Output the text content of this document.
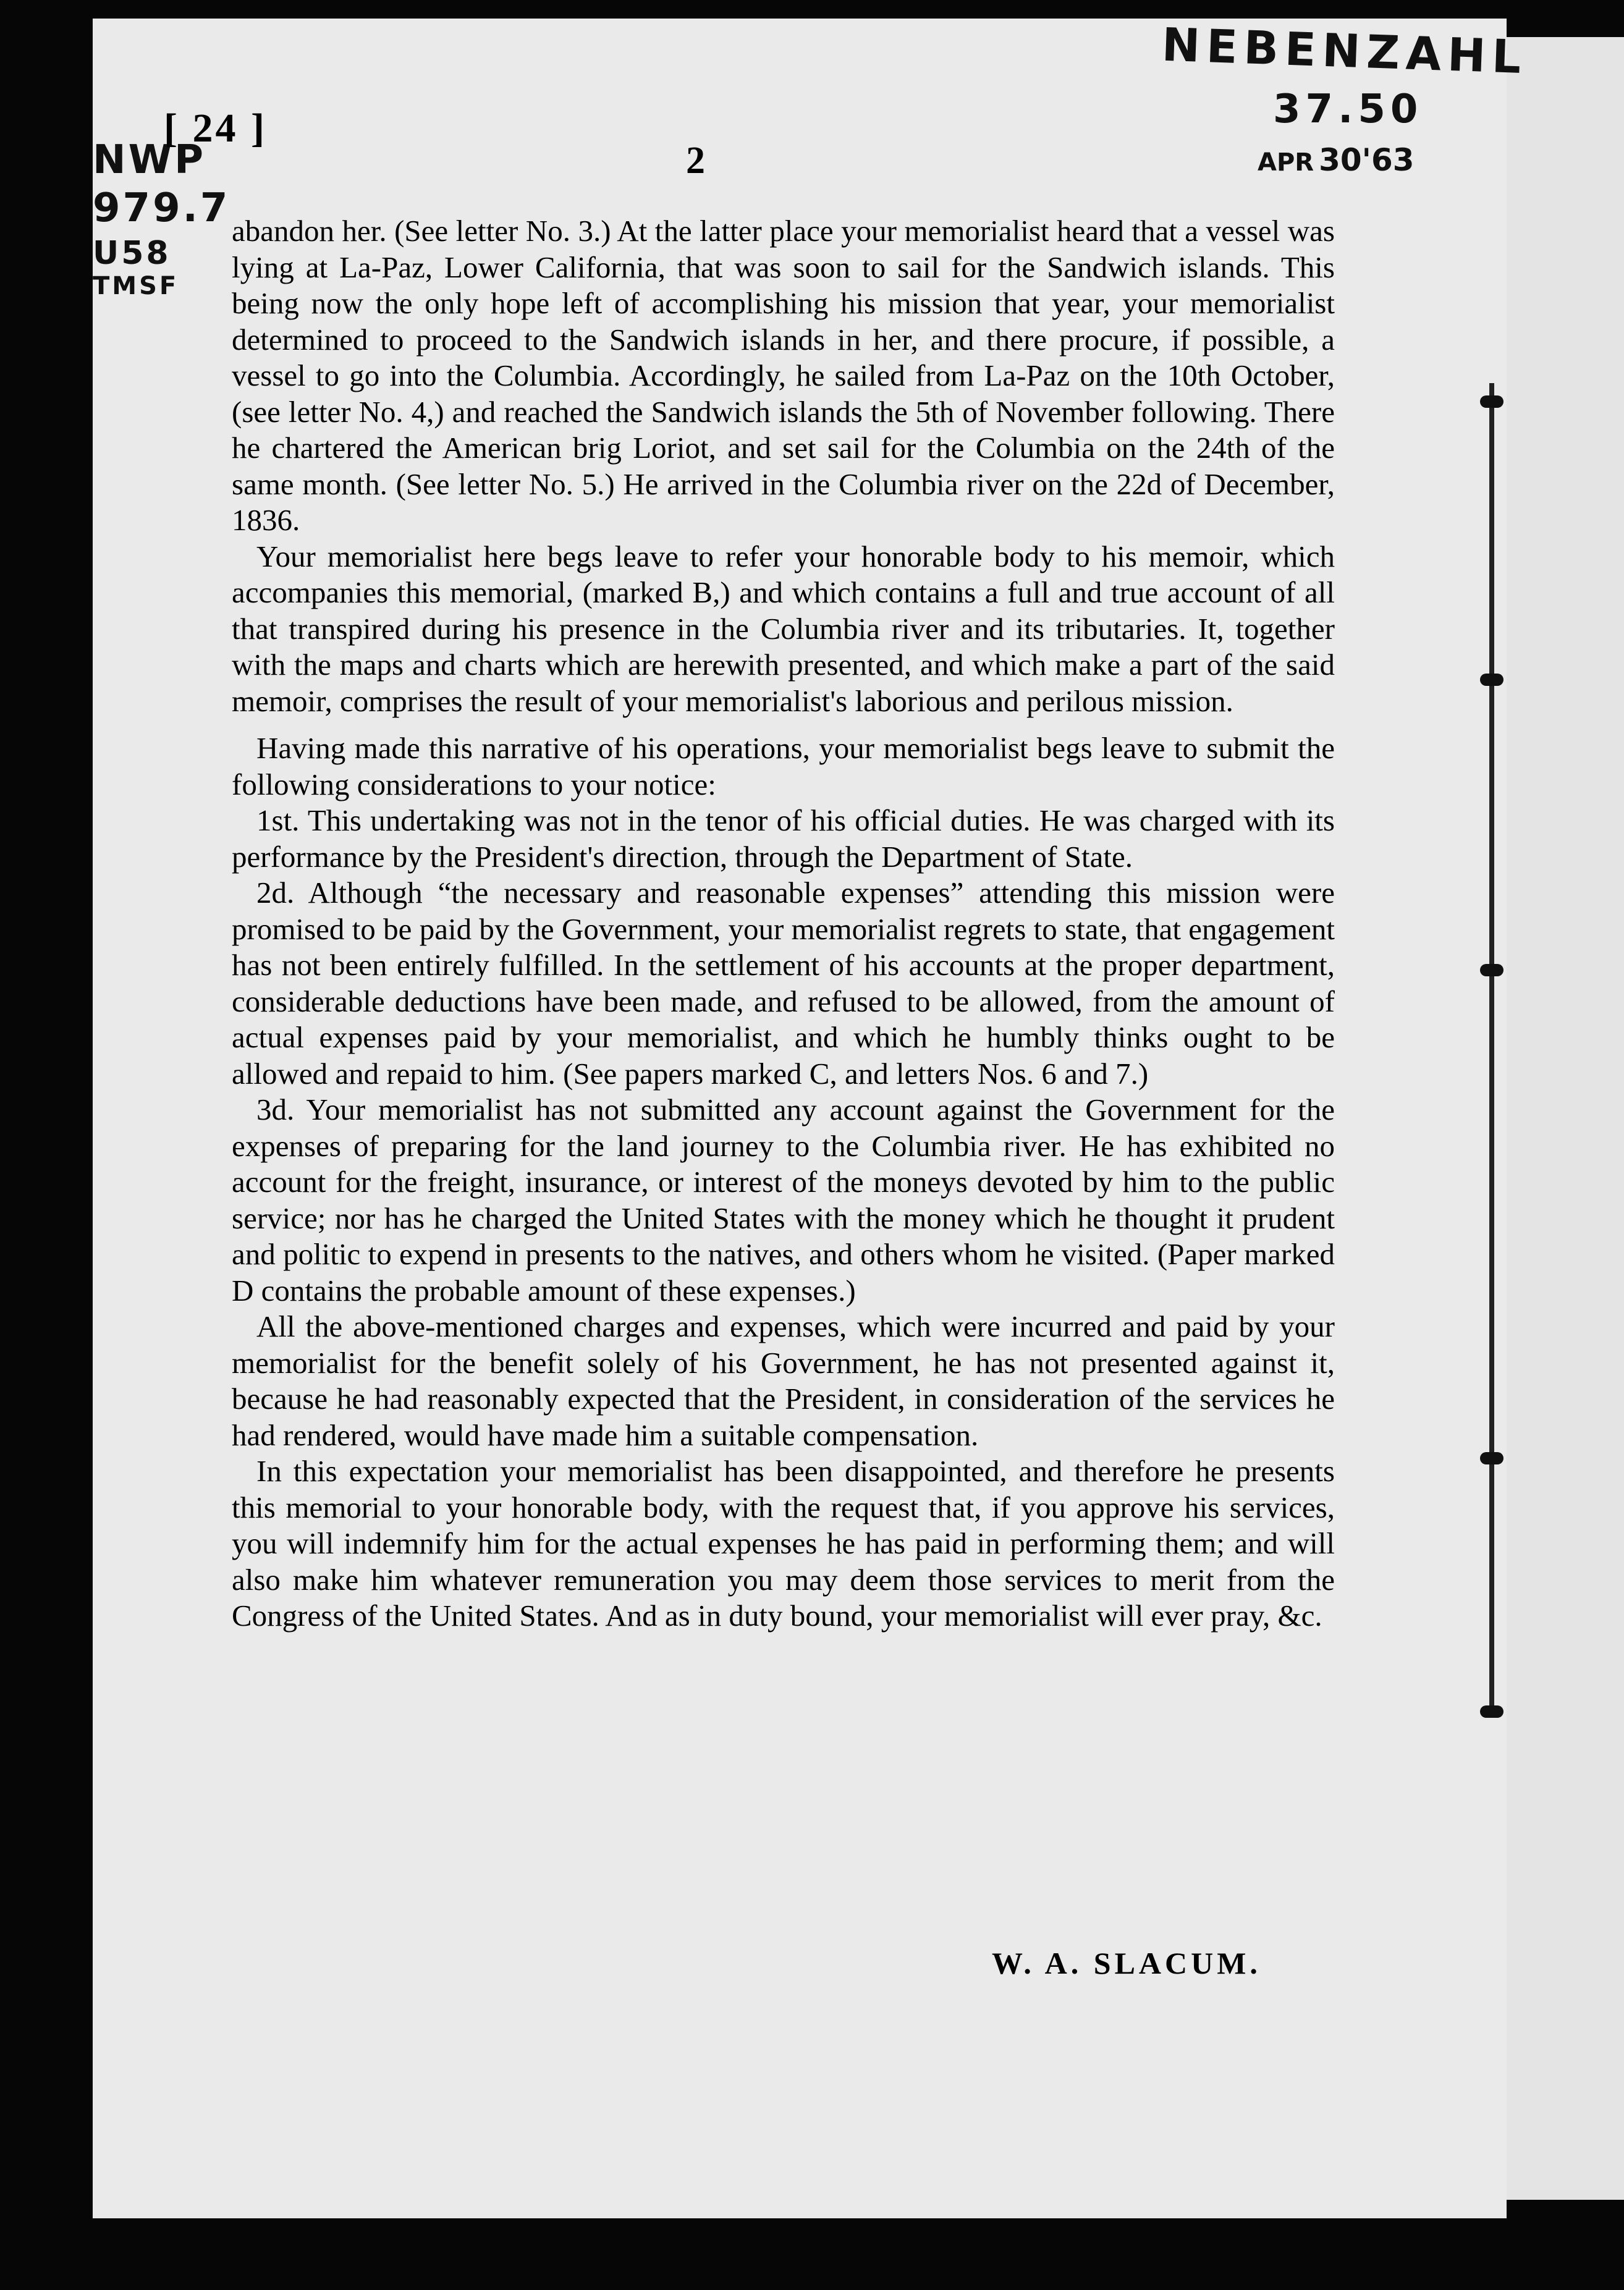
NEBENZAHL
37.50
APR 30'63
NWP
979.7
U58
TMSF
[ 24 ]
2

abandon her. (See letter No. 3.) At the latter place your memorialist heard that a vessel was lying at La-Paz, Lower California, that was soon to sail for the Sandwich islands. This being now the only hope left of accomplishing his mission that year, your memorialist determined to proceed to the Sandwich islands in her, and there procure, if possible, a vessel to go into the Columbia. Accordingly, he sailed from La-Paz on the 10th October, (see letter No. 4,) and reached the Sandwich islands the 5th of November following. There he chartered the American brig Loriot, and set sail for the Columbia on the 24th of the same month. (See letter No. 5.) He arrived in the Columbia river on the 22d of December, 1836.

Your memorialist here begs leave to refer your honorable body to his memoir, which accompanies this memorial, (marked B,) and which contains a full and true account of all that transpired during his presence in the Columbia river and its tributaries. It, together with the maps and charts which are herewith presented, and which make a part of the said memoir, comprises the result of your memorialist's laborious and perilous mission.

Having made this narrative of his operations, your memorialist begs leave to submit the following considerations to your notice:

1st. This undertaking was not in the tenor of his official duties. He was charged with its performance by the President's direction, through the Department of State.

2d. Although “the necessary and reasonable expenses” attending this mission were promised to be paid by the Government, your memorialist regrets to state, that engagement has not been entirely fulfilled. In the settlement of his accounts at the proper department, considerable deductions have been made, and refused to be allowed, from the amount of actual expenses paid by your memorialist, and which he humbly thinks ought to be allowed and repaid to him. (See papers marked C, and letters Nos. 6 and 7.)

3d. Your memorialist has not submitted any account against the Government for the expenses of preparing for the land journey to the Columbia river. He has exhibited no account for the freight, insurance, or interest of the moneys devoted by him to the public service; nor has he charged the United States with the money which he thought it prudent and politic to expend in presents to the natives, and others whom he visited. (Paper marked D contains the probable amount of these expenses.)

All the above-mentioned charges and expenses, which were incurred and paid by your memorialist for the benefit solely of his Government, he has not presented against it, because he had reasonably expected that the President, in consideration of the services he had rendered, would have made him a suitable compensation.

In this expectation your memorialist has been disappointed, and therefore he presents this memorial to your honorable body, with the request that, if you approve his services, you will indemnify him for the actual expenses he has paid in performing them; and will also make him whatever remuneration you may deem those services to merit from the Congress of the United States. And as in duty bound, your memorialist will ever pray, &c.

W. A. SLACUM.
